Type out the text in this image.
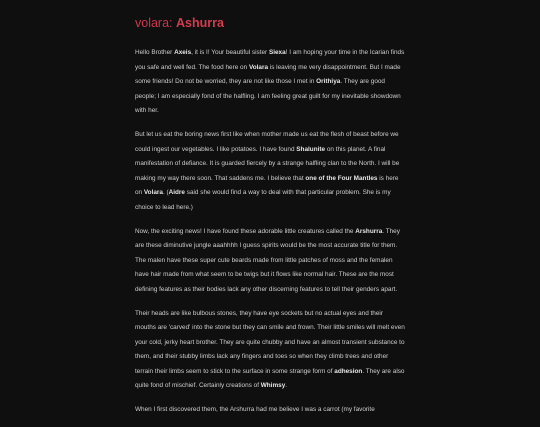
volara: Ashurra

Hello Brother Axeis, it is I! Your beautiful sister Siexa! I am hoping your time in the Icarian finds you safe and well fed. The food here on Volara is leaving me very disappointment. But I made some friends! Do not be worried, they are not like those I met in Orithiya. They are good people; I am especially fond of the halfling. I am feeling great guilt for my inevitable showdown with her.

But let us eat the boring news first like when mother made us eat the flesh of beast before we could ingest our vegetables. I like potatoes. I have found Shalunite on this planet. A final manifestation of defiance. It is guarded fiercely by a strange halfling clan to the North. I will be making my way there soon. That saddens me. I believe that one of the Four Mantles is here on Volara. (Aidre said she would find a way to deal with that particular problem. She is my choice to lead here.)

Now, the exciting news! I have found these adorable little creatures called the Arshurra. They are these diminutive jungle aaahhhh I guess spirits would be the most accurate title for them. The malen have these super cute beards made from little patches of moss and the femalen have hair made from what seem to be twigs but it flows like normal hair. These are the most defining features as their bodies lack any other discerning features to tell their genders apart.

Their heads are like bulbous stones, they have eye sockets but no actual eyes and their mouths are 'carved' into the stone but they can smile and frown. Their little smiles will melt even your cold, jerky heart brother. They are quite chubby and have an almost transient substance to them, and their stubby limbs lack any fingers and toes so when they climb trees and other terrain their limbs seem to stick to the surface in some strange form of adhesion. They are also quite fond of mischief. Certainly creations of Whimsy.

When I first discovered them, the Arshurra had me believe I was a carrot (my favorite
